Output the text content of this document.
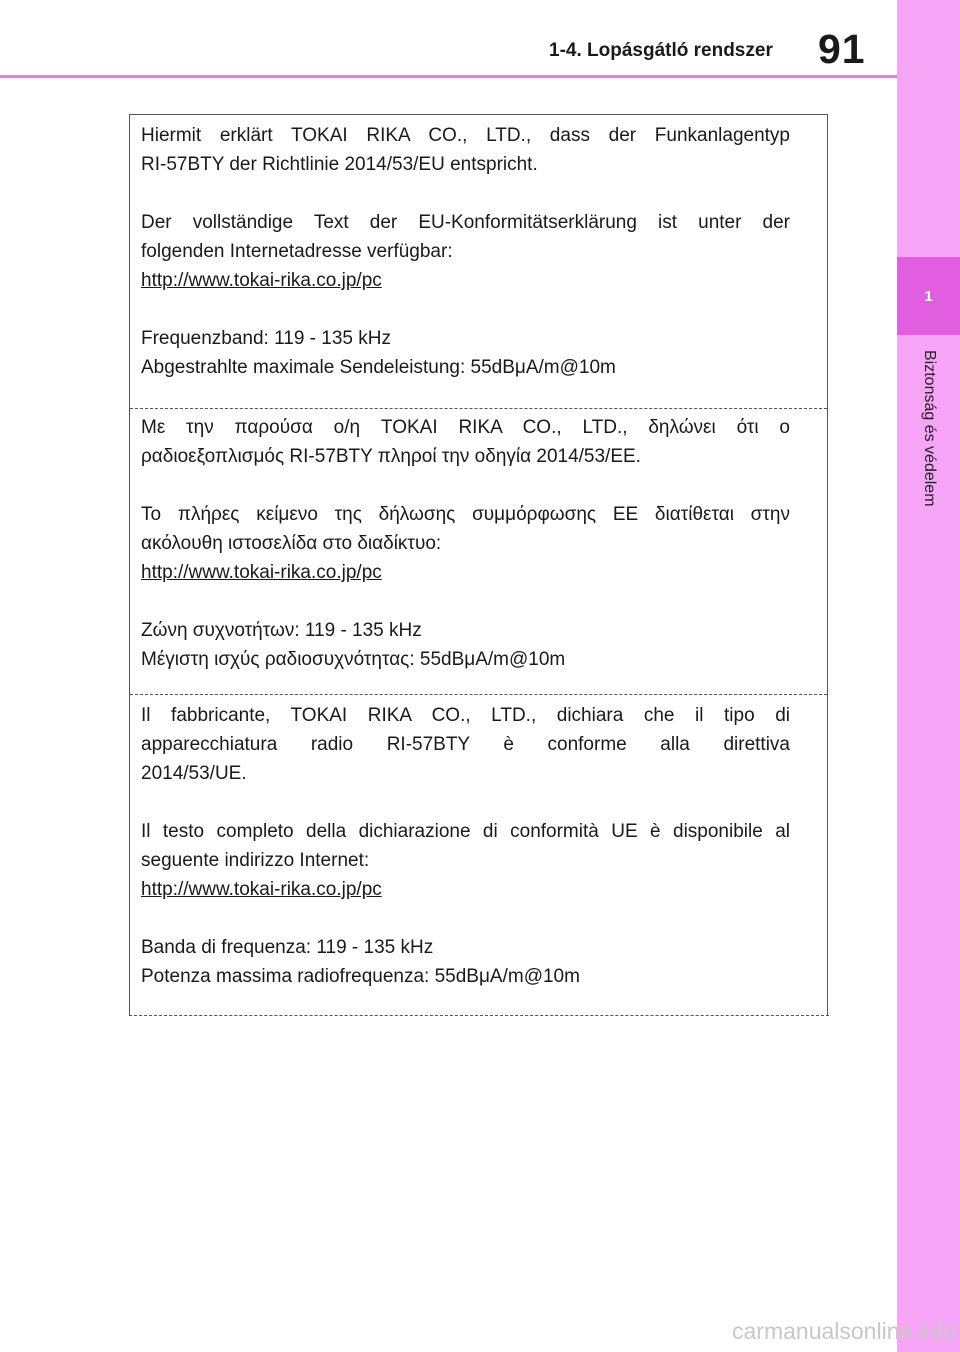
1-4. Lopásgátló rendszer 91
1
Biztonság és védelem

Hiermit erklärt TOKAI RIKA CO., LTD., dass der Funkanlagentyp

RI-57BTY der Richtlinie 2014/53/EU entspricht.

Der vollständige Text der EU-Konformitätserklärung ist unter der

folgenden Internetadresse verfügbar:

http://www.tokai-rika.co.jp/pc

Frequenzband: 119 - 135 kHz

Abgestrahlte maximale Sendeleistung: 55dBμA/m@10m

Με την παρούσα ο/η TOKAI RIKA CO., LTD., δηλώνει ότι ο

ραδιοεξοπλισμός RI-57BTY πληροί την οδηγία 2014/53/ΕΕ.

Το πλήρες κείμενο της δήλωσης συμμόρφωσης ΕΕ διατίθεται στην

ακόλουθη ιστοσελίδα στο διαδίκτυο:

http://www.tokai-rika.co.jp/pc

Ζώνη συχνοτήτων: 119 - 135 kHz

Μέγιστη ισχύς ραδιοσυχνότητας: 55dBμA/m@10m

Il fabbricante, TOKAI RIKA CO., LTD., dichiara che il tipo di

apparecchiatura radio RI-57BTY è conforme alla direttiva

2014/53/UE.

Il testo completo della dichiarazione di conformità UE è disponibile al

seguente indirizzo Internet:

http://www.tokai-rika.co.jp/pc

Banda di frequenza: 119 - 135 kHz

Potenza massima radiofrequenza: 55dBμA/m@10m

carmanualsonline.info
